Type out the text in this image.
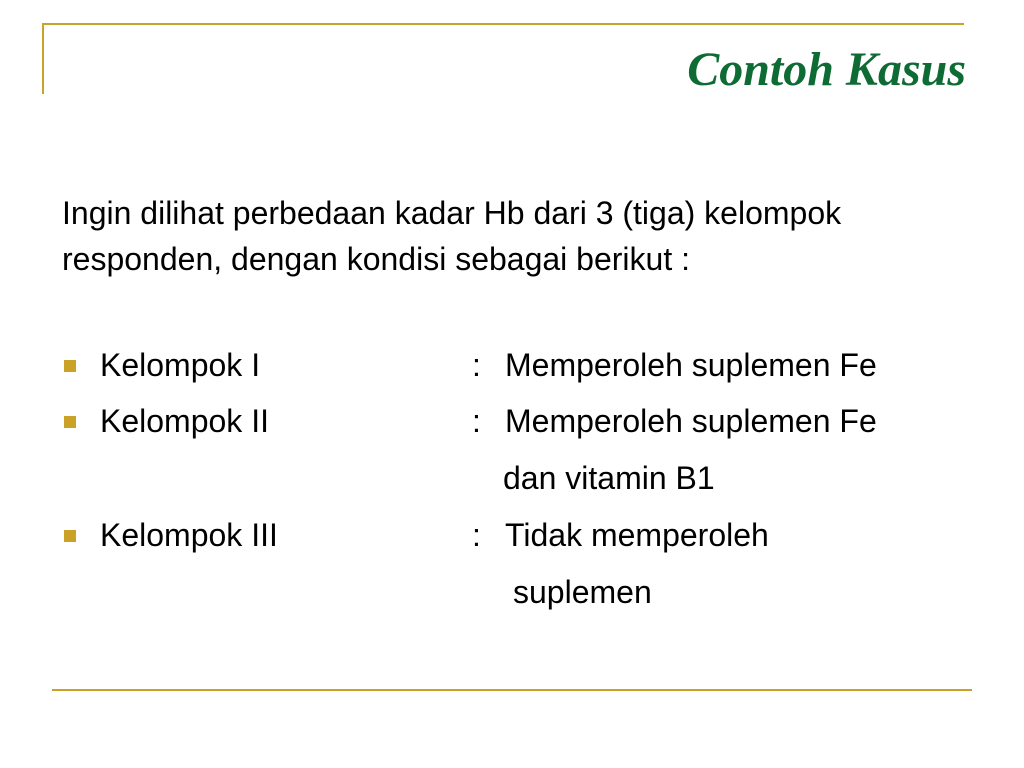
Contoh Kasus

Ingin dilihat perbedaan kadar Hb dari 3 (tiga) kelompok responden, dengan kondisi sebagai berikut :

Kelompok I	: Memperoleh suplemen Fe
Kelompok II	: Memperoleh suplemen Fe
dan vitamin B1
Kelompok III	: Tidak memperoleh
suplemen
